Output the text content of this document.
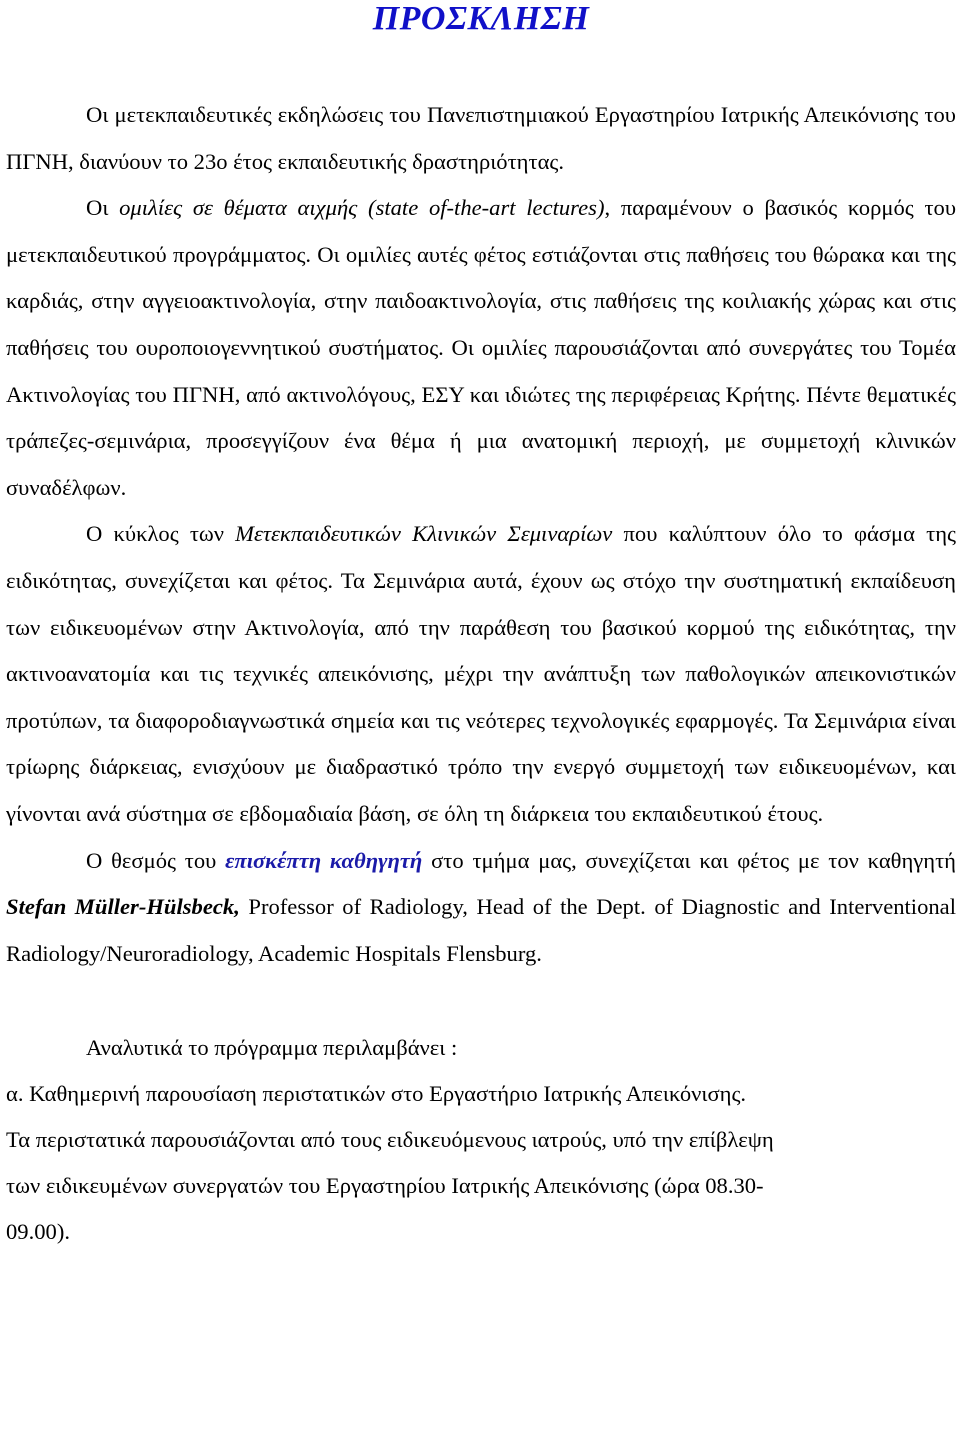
ΠΡΟΣΚΛΗΣΗ

Οι μετεκπαιδευτικές εκδηλώσεις του Πανεπιστημιακού Εργαστηρίου Ιατρικής Απεικόνισης του ΠΓΝΗ, διανύουν το 23ο έτος εκπαιδευτικής δραστηριότητας.

Οι ομιλίες σε θέματα αιχμής (state of-the-art lectures), παραμένουν ο βασικός κορμός του μετεκπαιδευτικού προγράμματος. Οι ομιλίες αυτές φέτος εστιάζονται στις παθήσεις του θώρακα και της καρδιάς, στην αγγειοακτινολογία, στην παιδοακτινολογία, στις παθήσεις της κοιλιακής χώρας και στις παθήσεις του ουροποιογεννητικού συστήματος. Οι ομιλίες παρουσιάζονται από συνεργάτες του Τομέα Ακτινολογίας του ΠΓΝΗ, από ακτινολόγους, ΕΣΥ και ιδιώτες της περιφέρειας Κρήτης. Πέντε θεματικές τράπεζες-σεμινάρια, προσεγγίζουν ένα θέμα ή μια ανατομική περιοχή, με συμμετοχή κλινικών συναδέλφων.

Ο κύκλος των Μετεκπαιδευτικών Κλινικών Σεμιναρίων που καλύπτουν όλο το φάσμα της ειδικότητας, συνεχίζεται και φέτος. Τα Σεμινάρια αυτά, έχουν ως στόχο την συστηματική εκπαίδευση των ειδικευομένων στην Ακτινολογία, από την παράθεση του βασικού κορμού της ειδικότητας, την ακτινοανατομία και τις τεχνικές απεικόνισης, μέχρι την ανάπτυξη των παθολογικών απεικονιστικών προτύπων, τα διαφοροδιαγνωστικά σημεία και τις νεότερες τεχνολογικές εφαρμογές. Τα Σεμινάρια είναι τρίωρης διάρκειας, ενισχύουν με διαδραστικό τρόπο την ενεργό συμμετοχή των ειδικευομένων, και γίνονται ανά σύστημα σε εβδομαδιαία βάση, σε όλη τη διάρκεια του εκπαιδευτικού έτους.

Ο θεσμός του επισκέπτη καθηγητή στο τμήμα μας, συνεχίζεται και φέτος με τον καθηγητή Stefan Müller-Hülsbeck, Professor of Radiology, Head of the Dept. of Diagnostic and Interventional Radiology/Neuroradiology, Academic Hospitals Flensburg.

Αναλυτικά το πρόγραμμα περιλαμβάνει :

α. Καθημερινή παρουσίαση περιστατικών στο Εργαστήριο Ιατρικής Απεικόνισης.

Τα περιστατικά παρουσιάζονται από τους ειδικευόμενους ιατρούς, υπό την επίβλεψη

των ειδικευμένων συνεργατών του Εργαστηρίου Ιατρικής Απεικόνισης (ώρα 08.30-

09.00).
